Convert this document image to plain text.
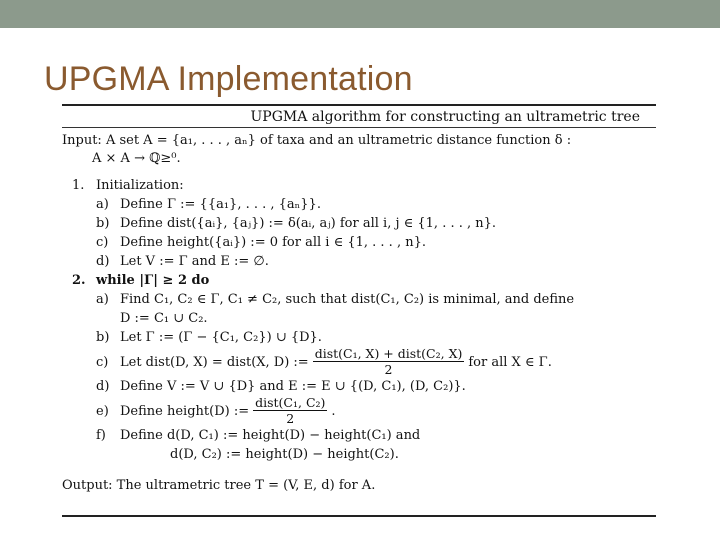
UPGMA Implementation
UPGMA algorithm for constructing an ultrametric tree
Input: A set A = {a₁, . . . , aₙ} of taxa and an ultrametric distance function δ :
A × A → ℚ≥⁰.
1. Initialization:
a) Define Γ := {{a₁}, . . . , {aₙ}}.
b) Define dist({aᵢ}, {aⱼ}) := δ(aᵢ, aⱼ) for all i, j ∈ {1, . . . , n}.
c) Define height({aᵢ}) := 0 for all i ∈ {1, . . . , n}.
d) Let V := Γ and E := ∅.
2. while |Γ| ≥ 2 do
a) Find C₁, C₂ ∈ Γ, C₁ ≠ C₂, such that dist(C₁, C₂) is minimal, and define
D := C₁ ∪ C₂.
b) Let Γ := (Γ − {C₁, C₂}) ∪ {D}.
c) Let dist(D, X) = dist(X, D) := $\frac{\text{dist(C₁, X) + dist(C₂, X)}}{2}$ for all X ∈ Γ.
d) Define V := V ∪ {D} and E := E ∪ {(D, C₁), (D, C₂)}.
e) Define height(D) := $\frac{\text{dist(C₁, C₂)}}{2}$ .
f) Define d(D, C₁) := height(D) − height(C₁) and
d(D, C₂) := height(D) − height(C₂).
Output: The ultrametric tree T = (V, E, d) for A.
